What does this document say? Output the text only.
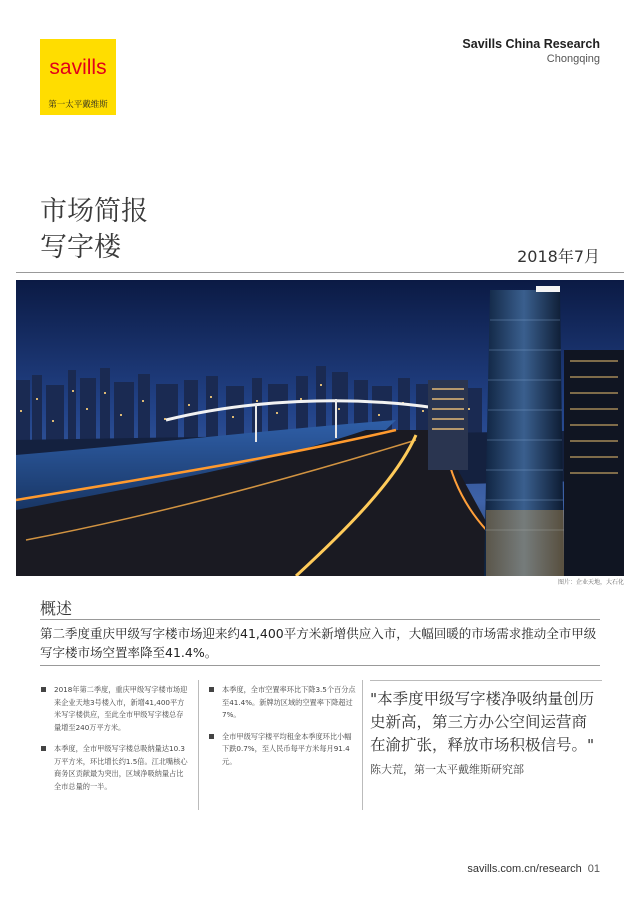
savills
第一太平戴维斯
Savills China Research
Chongqing
市场简报
写字楼	2018年7月
图片：企业天地，大石化
概述
第二季度重庆甲级写字楼市场迎来约41,400平方米新增供应入市，大幅回暖的市场需求推动全市甲级写字楼市场空置率降至41.4%。
2018年第二季度，重庆甲级写字楼市场迎来企业天地3号楼入市，新增41,400平方米写字楼供应，至此全市甲级写字楼总存量增至240万平方米。
本季度，全市甲级写字楼总吸纳量达10.3万平方米，环比增长约1.5倍。江北嘴核心商务区贡献最为突出，区域净吸纳量占比全市总量的一半。
本季度，全市空置率环比下降3.5个百分点至41.4%。新牌坊区域的空置率下降超过7%。
全市甲级写字楼平均租金本季度环比小幅下跌0.7%，至人民币每平方米每月91.4元。
"本季度甲级写字楼净吸纳量创历史新高，第三方办公空间运营商在渝扩张，释放市场积极信号。" 陈大荒，第一太平戴维斯研究部
savills.com.cn/research 01
